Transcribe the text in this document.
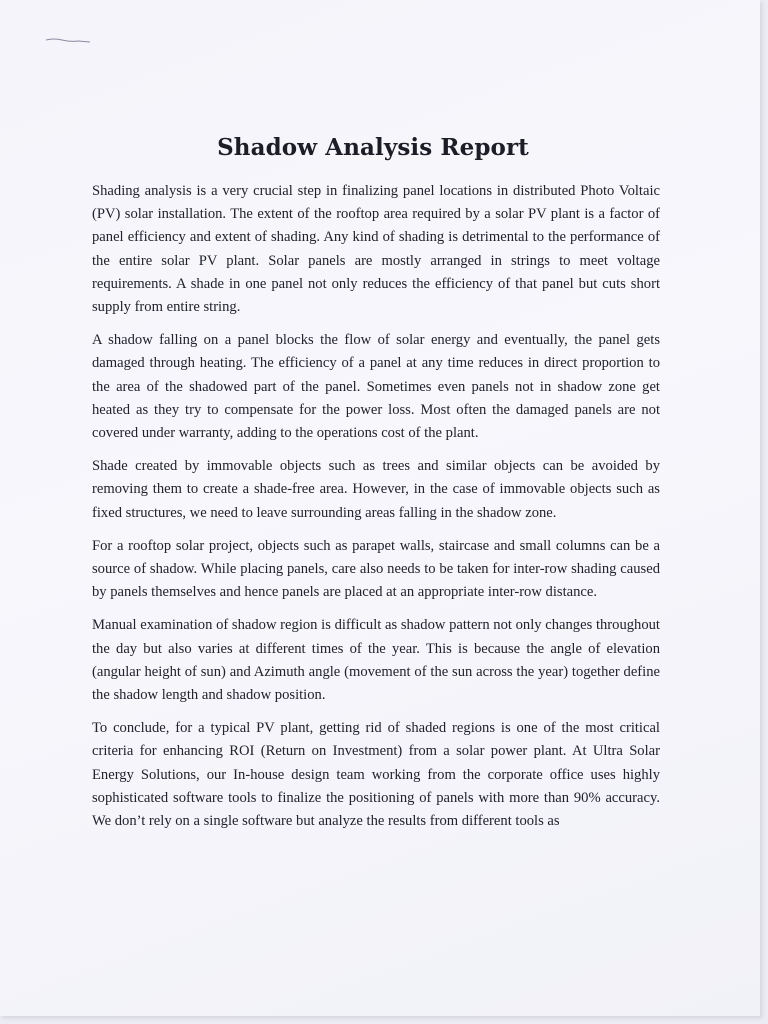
Shadow Analysis Report

Shading analysis is a very crucial step in finalizing panel locations in distributed Photo Voltaic (PV) solar installation. The extent of the rooftop area required by a solar PV plant is a factor of panel efficiency and extent of shading. Any kind of shading is detrimental to the performance of the entire solar PV plant. Solar panels are mostly arranged in strings to meet voltage requirements. A shade in one panel not only reduces the efficiency of that panel but cuts short supply from entire string.

A shadow falling on a panel blocks the flow of solar energy and eventually, the panel gets damaged through heating. The efficiency of a panel at any time reduces in direct proportion to the area of the shadowed part of the panel. Sometimes even panels not in shadow zone get heated as they try to compensate for the power loss. Most often the damaged panels are not covered under warranty, adding to the operations cost of the plant.

Shade created by immovable objects such as trees and similar objects can be avoided by removing them to create a shade-free area. However, in the case of immovable objects such as fixed structures, we need to leave surrounding areas falling in the shadow zone.

For a rooftop solar project, objects such as parapet walls, staircase and small columns can be a source of shadow. While placing panels, care also needs to be taken for inter-row shading caused by panels themselves and hence panels are placed at an appropriate inter-row distance.

Manual examination of shadow region is difficult as shadow pattern not only changes throughout the day but also varies at different times of the year. This is because the angle of elevation (angular height of sun) and Azimuth angle (movement of the sun across the year) together define the shadow length and shadow position.

To conclude, for a typical PV plant, getting rid of shaded regions is one of the most critical criteria for enhancing ROI (Return on Investment) from a solar power plant. At Ultra Solar Energy Solutions, our In-house design team working from the corporate office uses highly sophisticated software tools to finalize the positioning of panels with more than 90% accuracy. We don’t rely on a single software but analyze the results from different tools as
